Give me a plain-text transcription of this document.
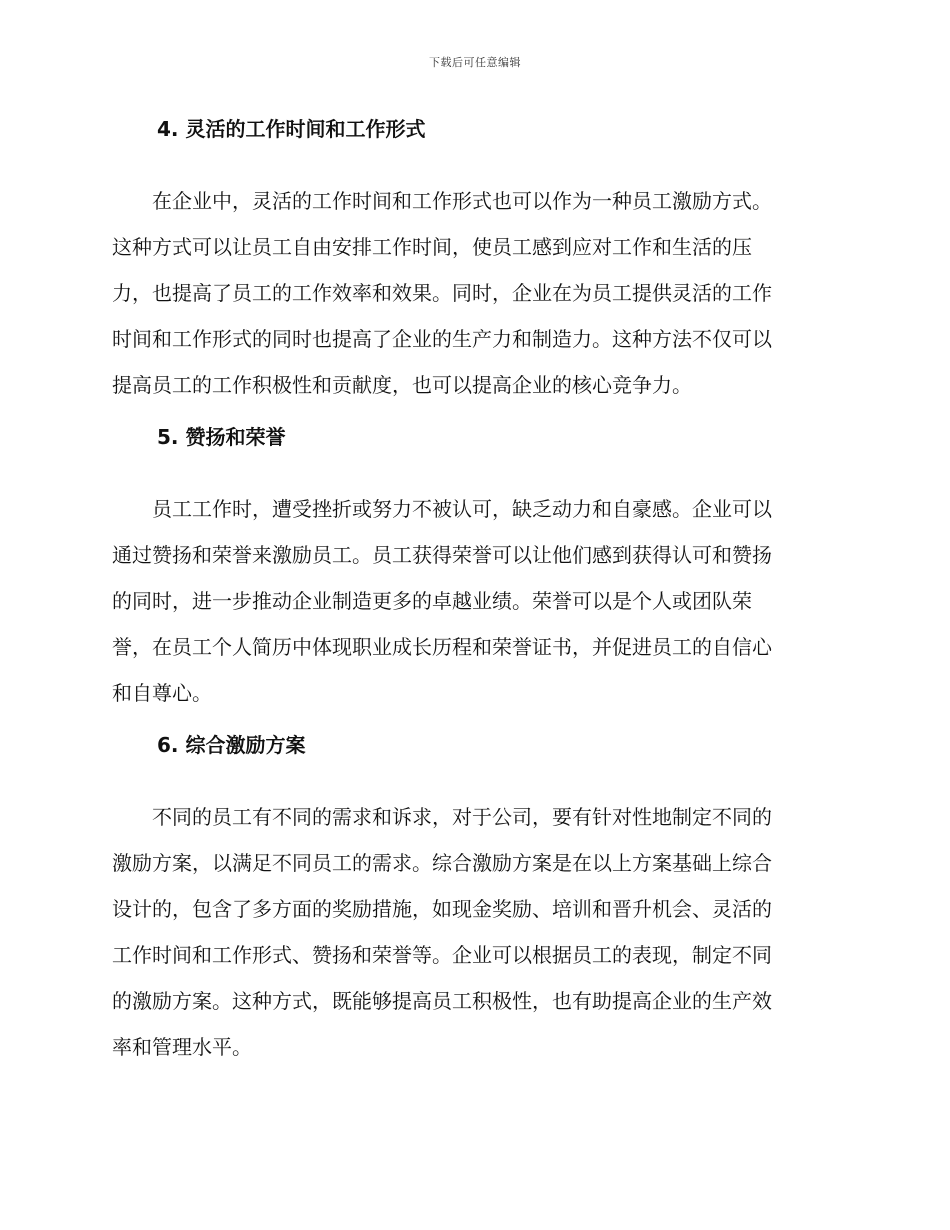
下载后可任意编辑
4. 灵活的工作时间和工作形式

在企业中，灵活的工作时间和工作形式也可以作为一种员工激励方式。
这种方式可以让员工自由安排工作时间，使员工感到应对工作和生活的压
力，也提高了员工的工作效率和效果。同时，企业在为员工提供灵活的工作
时间和工作形式的同时也提高了企业的生产力和制造力。这种方法不仅可以
提高员工的工作积极性和贡献度，也可以提高企业的核心竞争力。

5. 赞扬和荣誉

员工工作时，遭受挫折或努力不被认可，缺乏动力和自豪感。企业可以
通过赞扬和荣誉来激励员工。员工获得荣誉可以让他们感到获得认可和赞扬
的同时，进一步推动企业制造更多的卓越业绩。荣誉可以是个人或团队荣
誉，在员工个人简历中体现职业成长历程和荣誉证书，并促进员工的自信心
和自尊心。

6. 综合激励方案

不同的员工有不同的需求和诉求，对于公司，要有针对性地制定不同的
激励方案，以满足不同员工的需求。综合激励方案是在以上方案基础上综合
设计的，包含了多方面的奖励措施，如现金奖励、培训和晋升机会、灵活的
工作时间和工作形式、赞扬和荣誉等。企业可以根据员工的表现，制定不同
的激励方案。这种方式，既能够提高员工积极性，也有助提高企业的生产效
率和管理水平。
